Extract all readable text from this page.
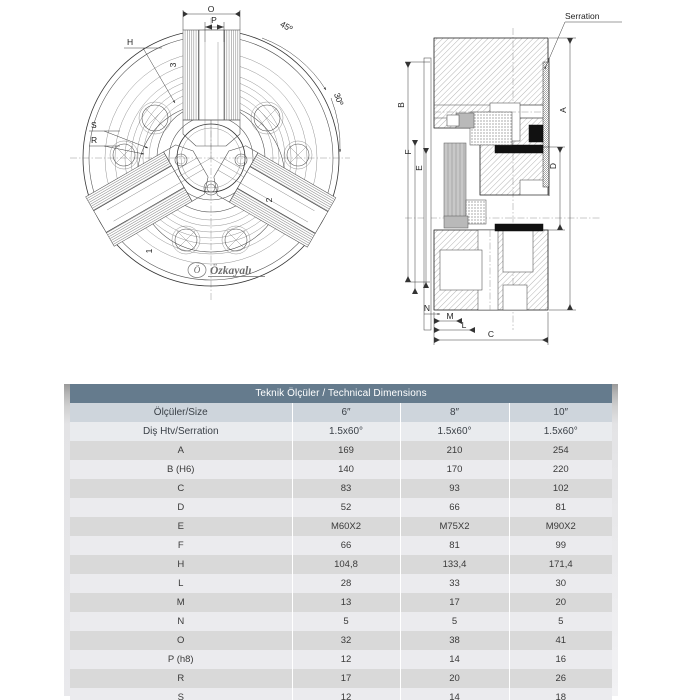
O
P
H
S
R
45º
30º
3
2
1
Ö Özkayalı
A
B
F
E	D
C
L
M
N
Serration
Teknik Ölçüler / Technical Dimensions			
Ölçüler/Size	6″	8″	10″
Diş Htv/Serration	1.5x60°	1.5x60°	1.5x60°
A	169	210	254
B (H6)	140	170	220
C	83	93	102
D	52	66	81
E	M60X2	M75X2	M90X2
F	66	81	99
H	104,8	133,4	171,4
L	28	33	30
M	13	17	20
N	5	5	5
O	32	38	41
P (h8)	12	14	16
R	17	20	26
S	12	14	18
